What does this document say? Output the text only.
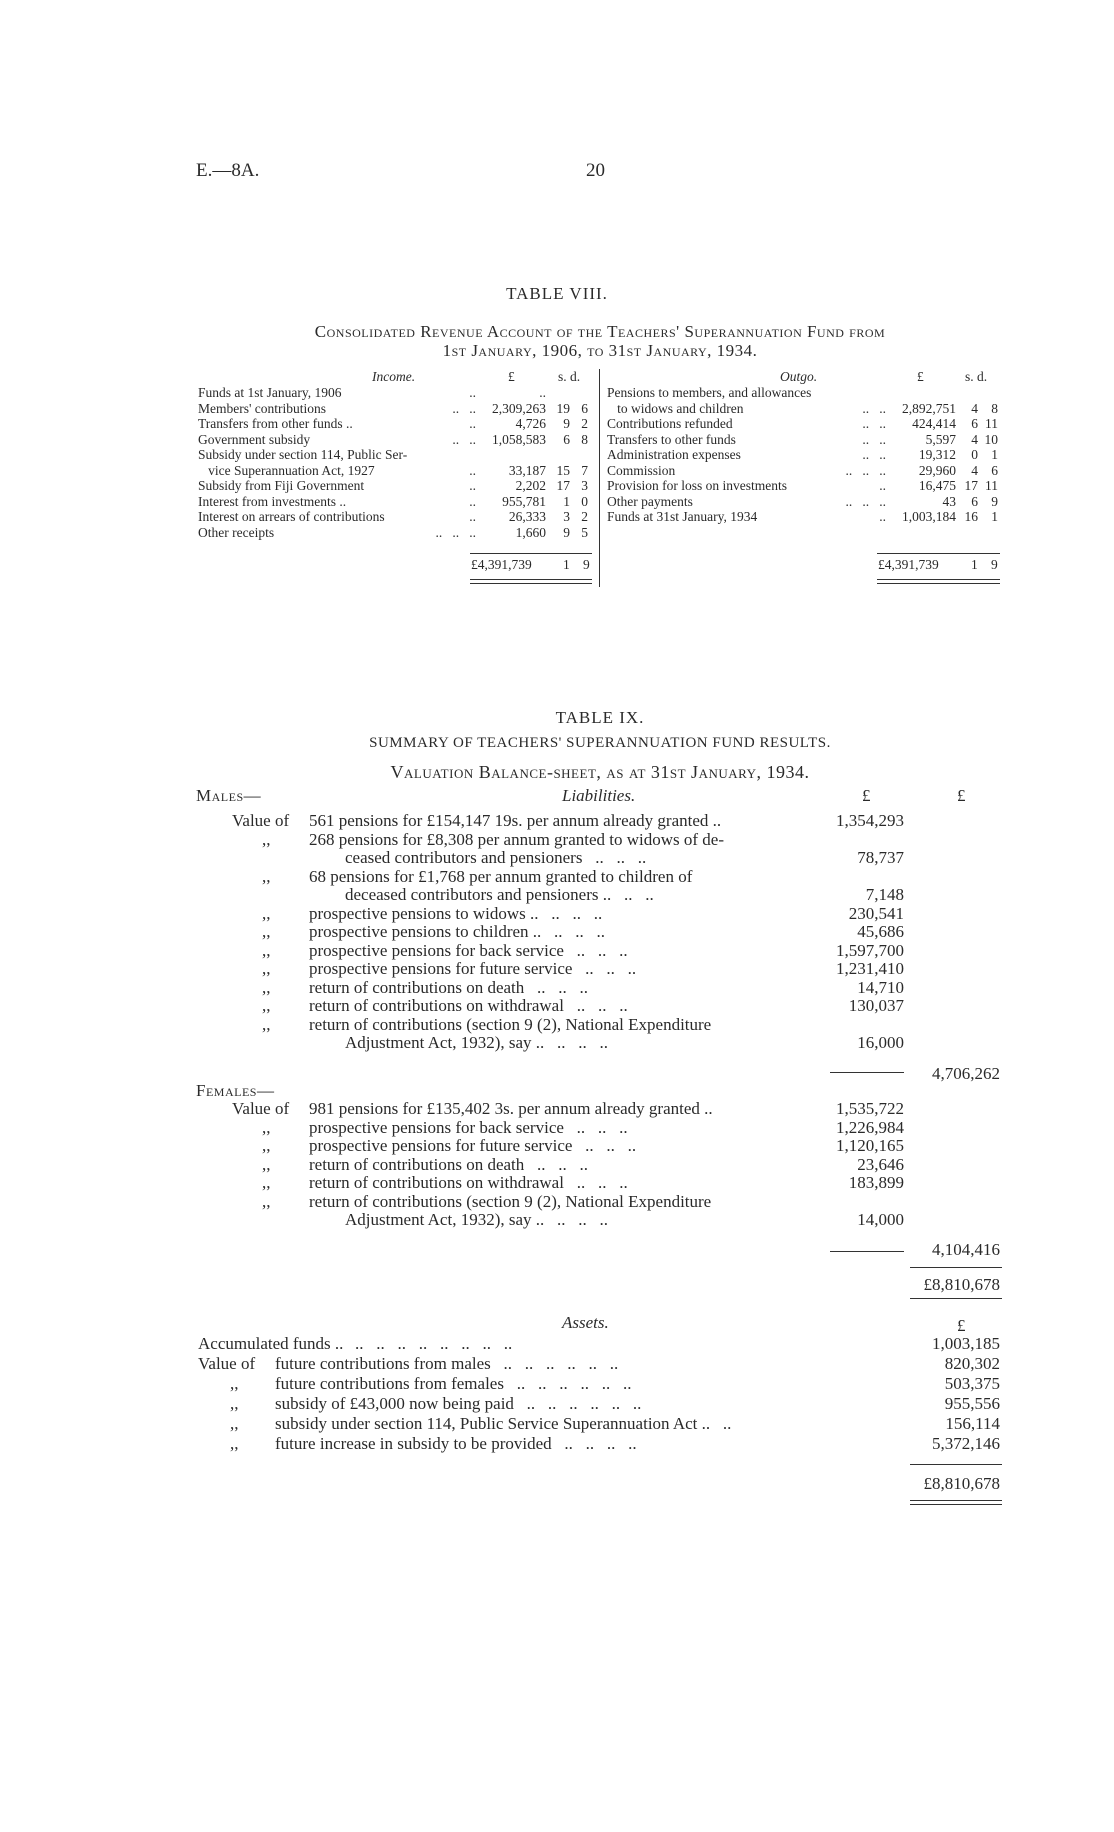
E.—8A.	20
TABLE VIII.
Consolidated Revenue Account of the Teachers' Superannuation Fund from
1st January, 1906, to 31st January, 1934.
Income.	£	s. d.
Funds at 1st January, 1906	..	..
Members' contributions	..   ..	2,309,263 19 6
Transfers from other funds ..	..	4,726	9 2
Government subsidy	..   ..	1,058,583	6 8
Subsidy under section 114, Public Ser-
vice Superannuation Act, 1927	..	33,187 15 7
Subsidy from Fiji Government	..	2,202 17 3
Interest from investments ..	..	955,781	1 0
Interest on arrears of contributions	..	26,333	3 2
Other receipts	..   ..   ..	1,660	9 5
£4,391,739 1 9
Outgo.	£	s. d.
Pensions to members, and allowances
to widows and children	..   ..	2,892,751	4 8
Contributions refunded	..   ..	424,414	6 11
Transfers to other funds	..   ..	5,597	4 10
Administration expenses	..   ..	19,312	0 1
Commission	..   ..   ..	29,960	4 6
Provision for loss on investments	..	16,475 17 11
Other payments	..   ..   ..	43	6 9
Funds at 31st January, 1934	..	1,003,184 16 1
£4,391,739 1 9
TABLE IX.
SUMMARY OF TEACHERS' SUPERANNUATION FUND RESULTS.
Valuation Balance-sheet, as at 31st January, 1934.
Males—	Liabilities.	£	£
Value of 561 pensions for £154,147 19s. per annum already granted ..	1,354,293
,, 268 pensions for £8,308 per annum granted to widows of de-
ceased contributors and pensioners   ..   ..   ..	78,737
,, 68 pensions for £1,768 per annum granted to children of
deceased contributors and pensioners ..   ..   ..	7,148
,, prospective pensions to widows ..   ..   ..   ..	230,541
,, prospective pensions to children ..   ..   ..   ..	45,686
,, prospective pensions for back service   ..   ..   ..	1,597,700
,, prospective pensions for future service   ..   ..   ..	1,231,410
,, return of contributions on death   ..   ..   ..	14,710
,, return of contributions on withdrawal   ..   ..   ..	130,037
,, return of contributions (section 9 (2), National Expenditure
Adjustment Act, 1932), say ..   ..   ..   ..	16,000
4,706,262
Females—
Value of 981 pensions for £135,402 3s. per annum already granted ..	1,535,722
,, prospective pensions for back service   ..   ..   ..	1,226,984
,, prospective pensions for future service   ..   ..   ..	1,120,165
,, return of contributions on death   ..   ..   ..	23,646
,, return of contributions on withdrawal   ..   ..   ..	183,899
,, return of contributions (section 9 (2), National Expenditure
Adjustment Act, 1932), say ..   ..   ..   ..	14,000
4,104,416
£8,810,678
Assets.	£
Accumulated funds .. ..   ..   ..   ..   ..   ..   ..   ..	1,003,185
Value of future contributions from males   ..   ..   ..   ..   ..   ..	820,302
,, future contributions from females   ..   ..   ..   ..   ..   ..	503,375
,, subsidy of £43,000 now being paid   ..   ..   ..   ..   ..   ..	955,556
,, subsidy under section 114, Public Service Superannuation Act ..   ..	156,114
,, future increase in subsidy to be provided   ..   ..   ..   ..	5,372,146
£8,810,678
